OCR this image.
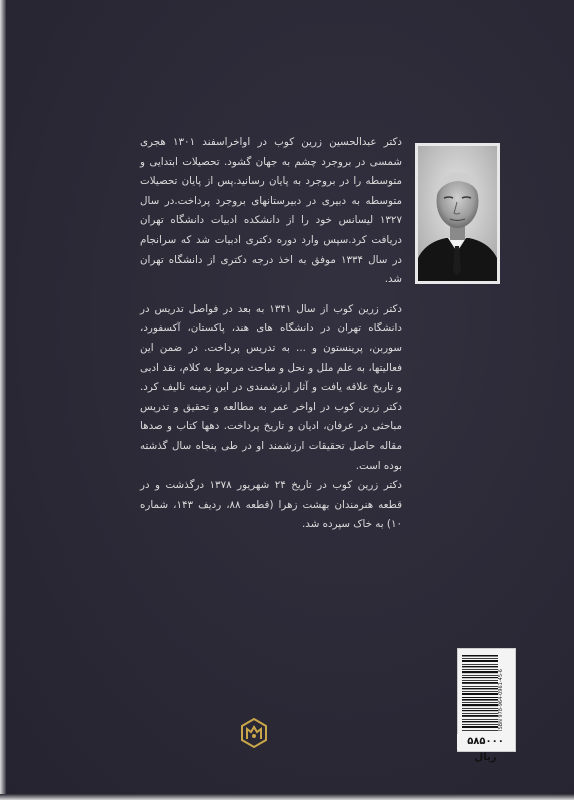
دکتر عبدالحسین زرین کوب در اواخراسفند ۱۳۰۱ هجری شمسی در بروجرد چشم به جهان گشود. تحصیلات ابتدایی و متوسطه را در بروجرد به پایان رسانید.پس از پایان تحصیلات متوسطه به دبیری در دبیرستانهای بروجرد پرداخت.در سال ۱۳۲۷ لیسانس خود را از دانشکده ادبیات دانشگاه تهران دریافت کرد.سپس وارد دوره دکتری ادبیات شد که سرانجام در سال ۱۳۳۴ موفق به اخذ درجه دکتری از دانشگاه تهران شد.

دکتر زرین کوب از سال ۱۳۴۱ به بعد در فواصل تدریس در دانشگاه تهران در دانشگاه های هند، پاکستان، آکسفورد، سوربن، پرینستون و ... به تدریس پرداخت. در ضمن این فعالیتها، به علم ملل و نحل و مباحث مربوط به کلام، نقد ادبی و تاریخ علاقه یافت و آثار ارزشمندی در این زمینه تالیف کرد. دکتر زرین کوب در اواخر عمر به مطالعه و تحقیق و تدریس مباحثی در عرفان، ادیان و تاریخ پرداخت. دهها کتاب و صدها مقاله حاصل تحقیقات ارزشمند او در طی پنجاه سال گذشته بوده است.

دکتر زرین کوب در تاریخ ۲۴ شهریور ۱۳۷۸ درگذشت و در قطعه هنرمندان بهشت زهرا (قطعه ۸۸، ردیف ۱۴۳، شماره ۱۰) به خاک سپرده شد.

ISBN 978-964-0961-45-6
۵۸۵۰۰۰ ریال
